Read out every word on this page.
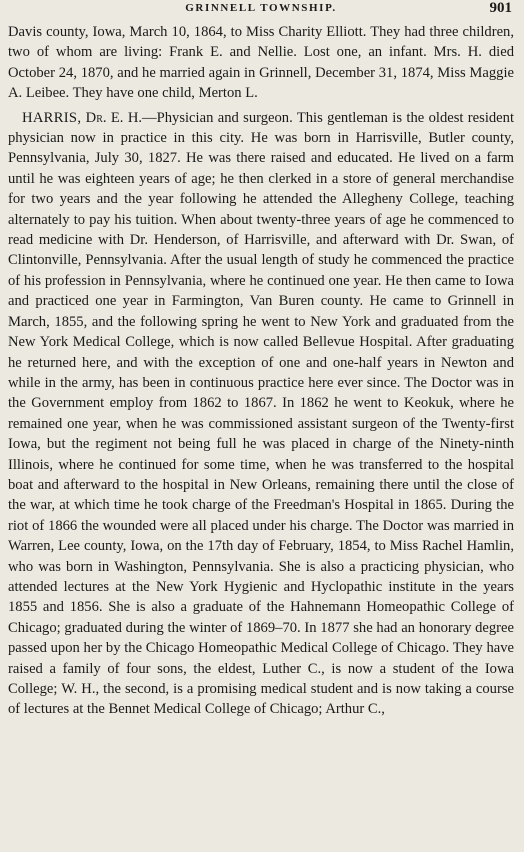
GRINNELL TOWNSHIP.	901

Davis county, Iowa, March 10, 1864, to Miss Charity Elliott. They had three children, two of whom are living: Frank E. and Nellie. Lost one, an infant. Mrs. H. died October 24, 1870, and he married again in Grinnell, December 31, 1874, Miss Maggie A. Leibee. They have one child, Merton L.

HARRIS, Dr. E. H.—Physician and surgeon. This gentleman is the oldest resident physician now in practice in this city. He was born in Harrisville, Butler county, Pennsylvania, July 30, 1827. He was there raised and educated. He lived on a farm until he was eighteen years of age; he then clerked in a store of general merchandise for two years and the year following he attended the Allegheny College, teaching alternately to pay his tuition. When about twenty-three years of age he commenced to read medicine with Dr. Henderson, of Harrisville, and afterward with Dr. Swan, of Clintonville, Pennsylvania. After the usual length of study he commenced the practice of his profession in Pennsylvania, where he continued one year. He then came to Iowa and practiced one year in Farmington, Van Buren county. He came to Grinnell in March, 1855, and the following spring he went to New York and graduated from the New York Medical College, which is now called Bellevue Hospital. After graduating he returned here, and with the exception of one and one-half years in Newton and while in the army, has been in continuous practice here ever since. The Doctor was in the Government employ from 1862 to 1867. In 1862 he went to Keokuk, where he remained one year, when he was commissioned assistant surgeon of the Twenty-first Iowa, but the regiment not being full he was placed in charge of the Ninety-ninth Illinois, where he continued for some time, when he was transferred to the hospital boat and afterward to the hospital in New Orleans, remaining there until the close of the war, at which time he took charge of the Freedman's Hospital in 1865. During the riot of 1866 the wounded were all placed under his charge. The Doctor was married in Warren, Lee county, Iowa, on the 17th day of February, 1854, to Miss Rachel Hamlin, who was born in Washington, Pennsylvania. She is also a practicing physician, who attended lectures at the New York Hygienic and Hyclopathic institute in the years 1855 and 1856. She is also a graduate of the Hahnemann Homeopathic College of Chicago; graduated during the winter of 1869–70. In 1877 she had an honorary degree passed upon her by the Chicago Homeopathic Medical College of Chicago. They have raised a family of four sons, the eldest, Luther C., is now a student of the Iowa College; W. H., the second, is a promising medical student and is now taking a course of lectures at the Bennet Medical College of Chicago; Arthur C.,
